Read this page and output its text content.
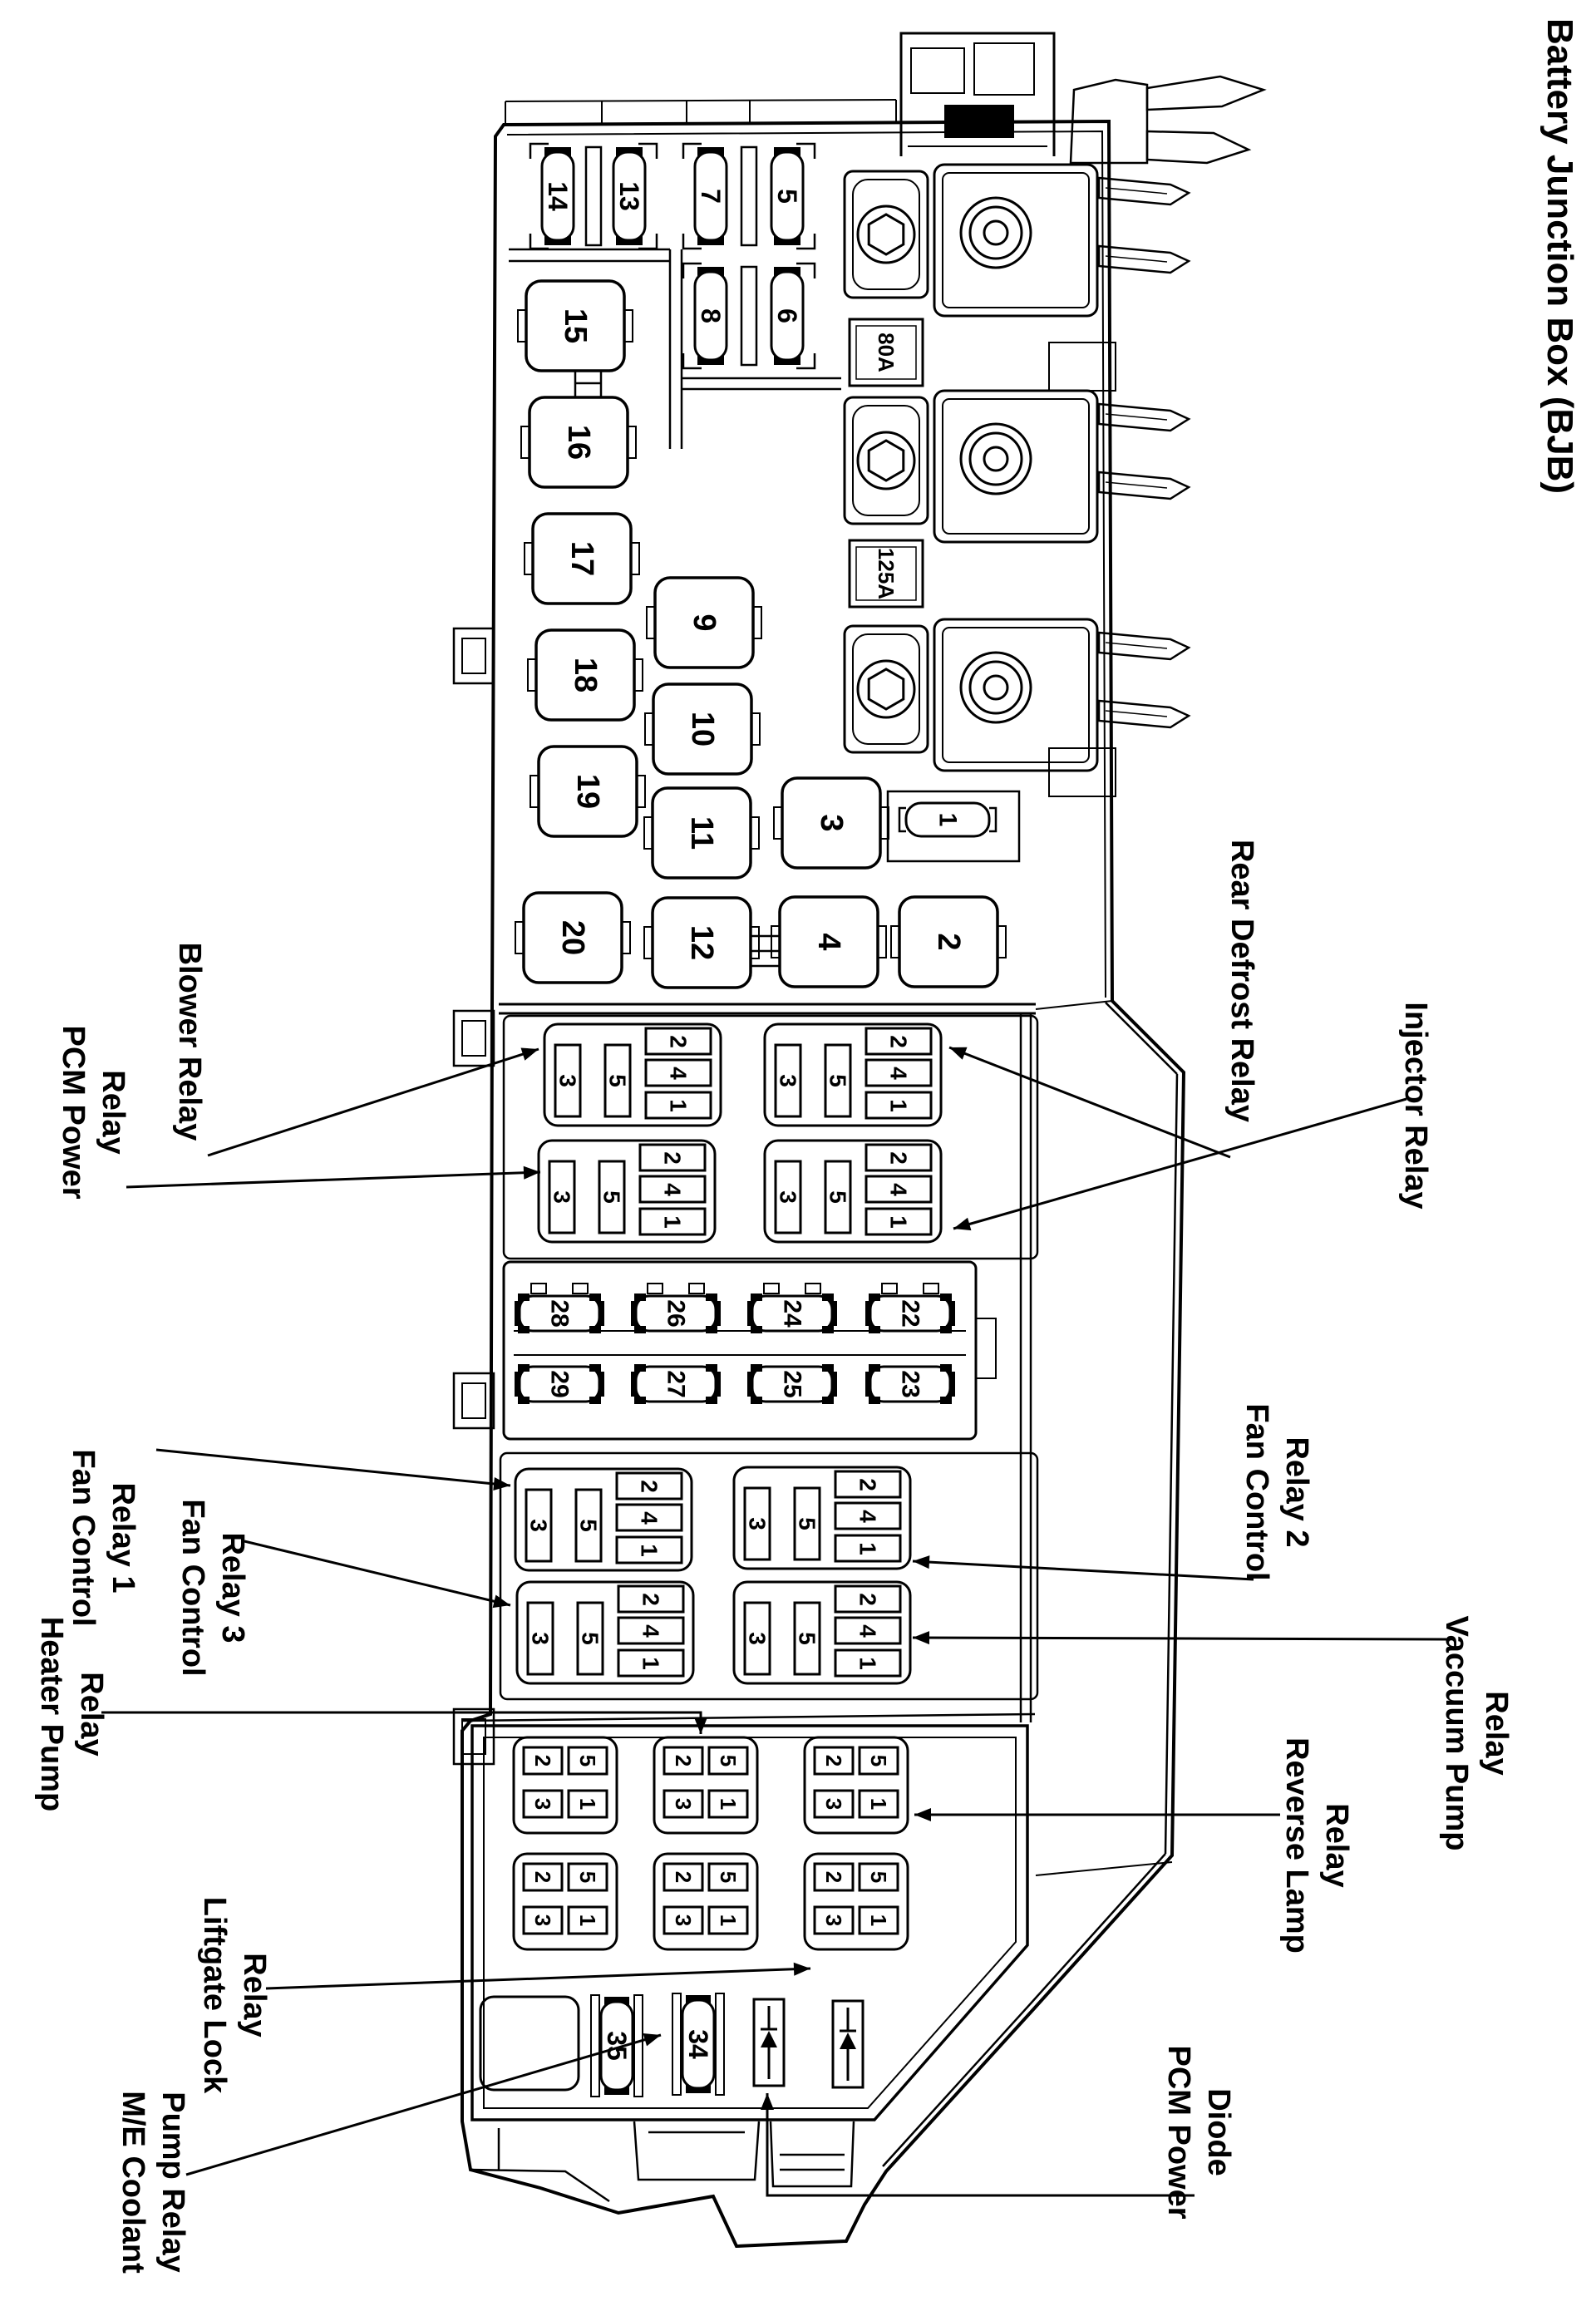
FoMoCo	Battery Junction Box (BJB)
80A
125A
14 13 7 5
8 6
15
16
17
18
19
20
9
10
11
12
3
4	2
1
28	26	24	22
29	27	25	23
3 5
2
4
1
3 5
2
4
1
3 5
2
4
1
3 5
2
4
1
3 5
2
4
1
3 5
2
4
1
3 5
2
4
1
3 5
2
4
1
2 5
3 1
2 5
3 1
2 5
3 1
2 5
3 1
2 5
3 1
2 5
3 1
35 34
Blower Relay
PCM Power Relay	Rear Defrost Relay	Injector Relay
Fan Control Relay 1 Fan Control Relay 3
Fan Control Relay 2
Vaccuum Pump Relay
Heater Pump Relay
Reverse Lamp Relay
Liftgate Lock Relay
M/E Coolant Pump Relay	PCM Power Diode
